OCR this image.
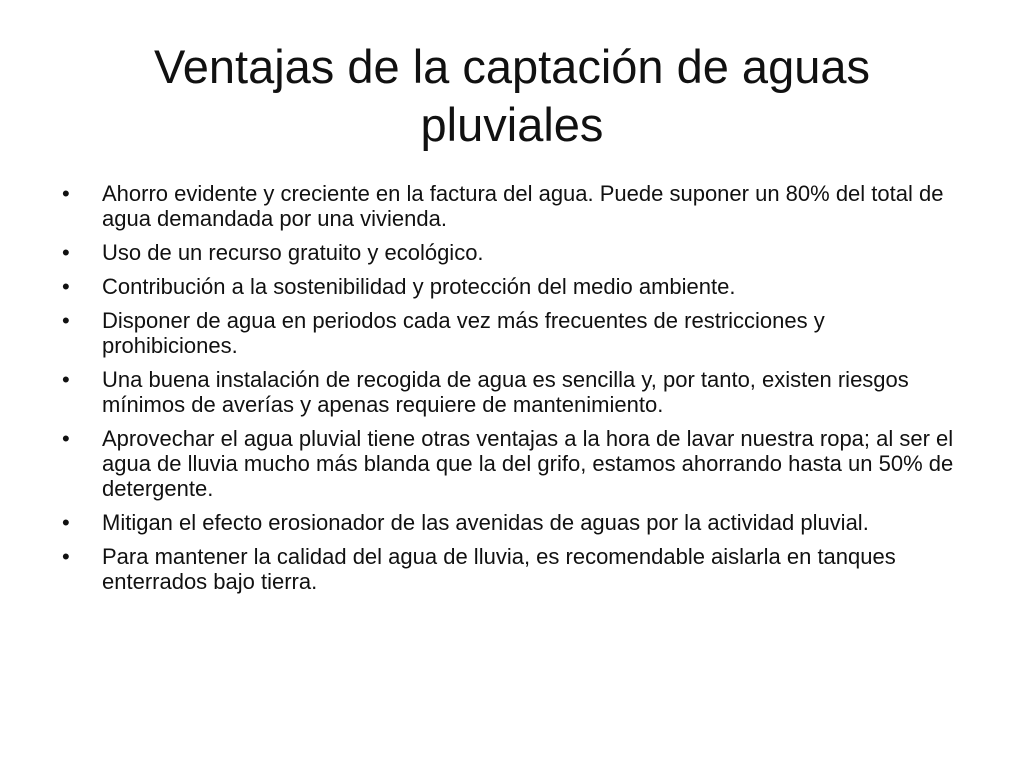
Ventajas de la captación de aguas pluviales
•	Ahorro evidente y creciente en la factura del agua. Puede suponer un 80% del total de agua demandada por una vivienda.
•	Uso de un recurso gratuito y ecológico.
•	Contribución a la sostenibilidad y protección del medio ambiente.
•	Disponer de agua en periodos cada vez más frecuentes de restricciones y prohibiciones.
•	Una buena instalación de recogida de agua es sencilla y, por tanto, existen riesgos mínimos de averías y apenas requiere de mantenimiento.
•	Aprovechar el agua pluvial tiene otras ventajas a la hora de lavar nuestra ropa; al ser el agua de lluvia mucho más blanda que la del grifo, estamos ahorrando hasta un 50% de detergente.
•	Mitigan el efecto erosionador de las avenidas de aguas por la actividad pluvial.
•	Para mantener la calidad del agua de lluvia, es recomendable aislarla en tanques enterrados bajo tierra.
